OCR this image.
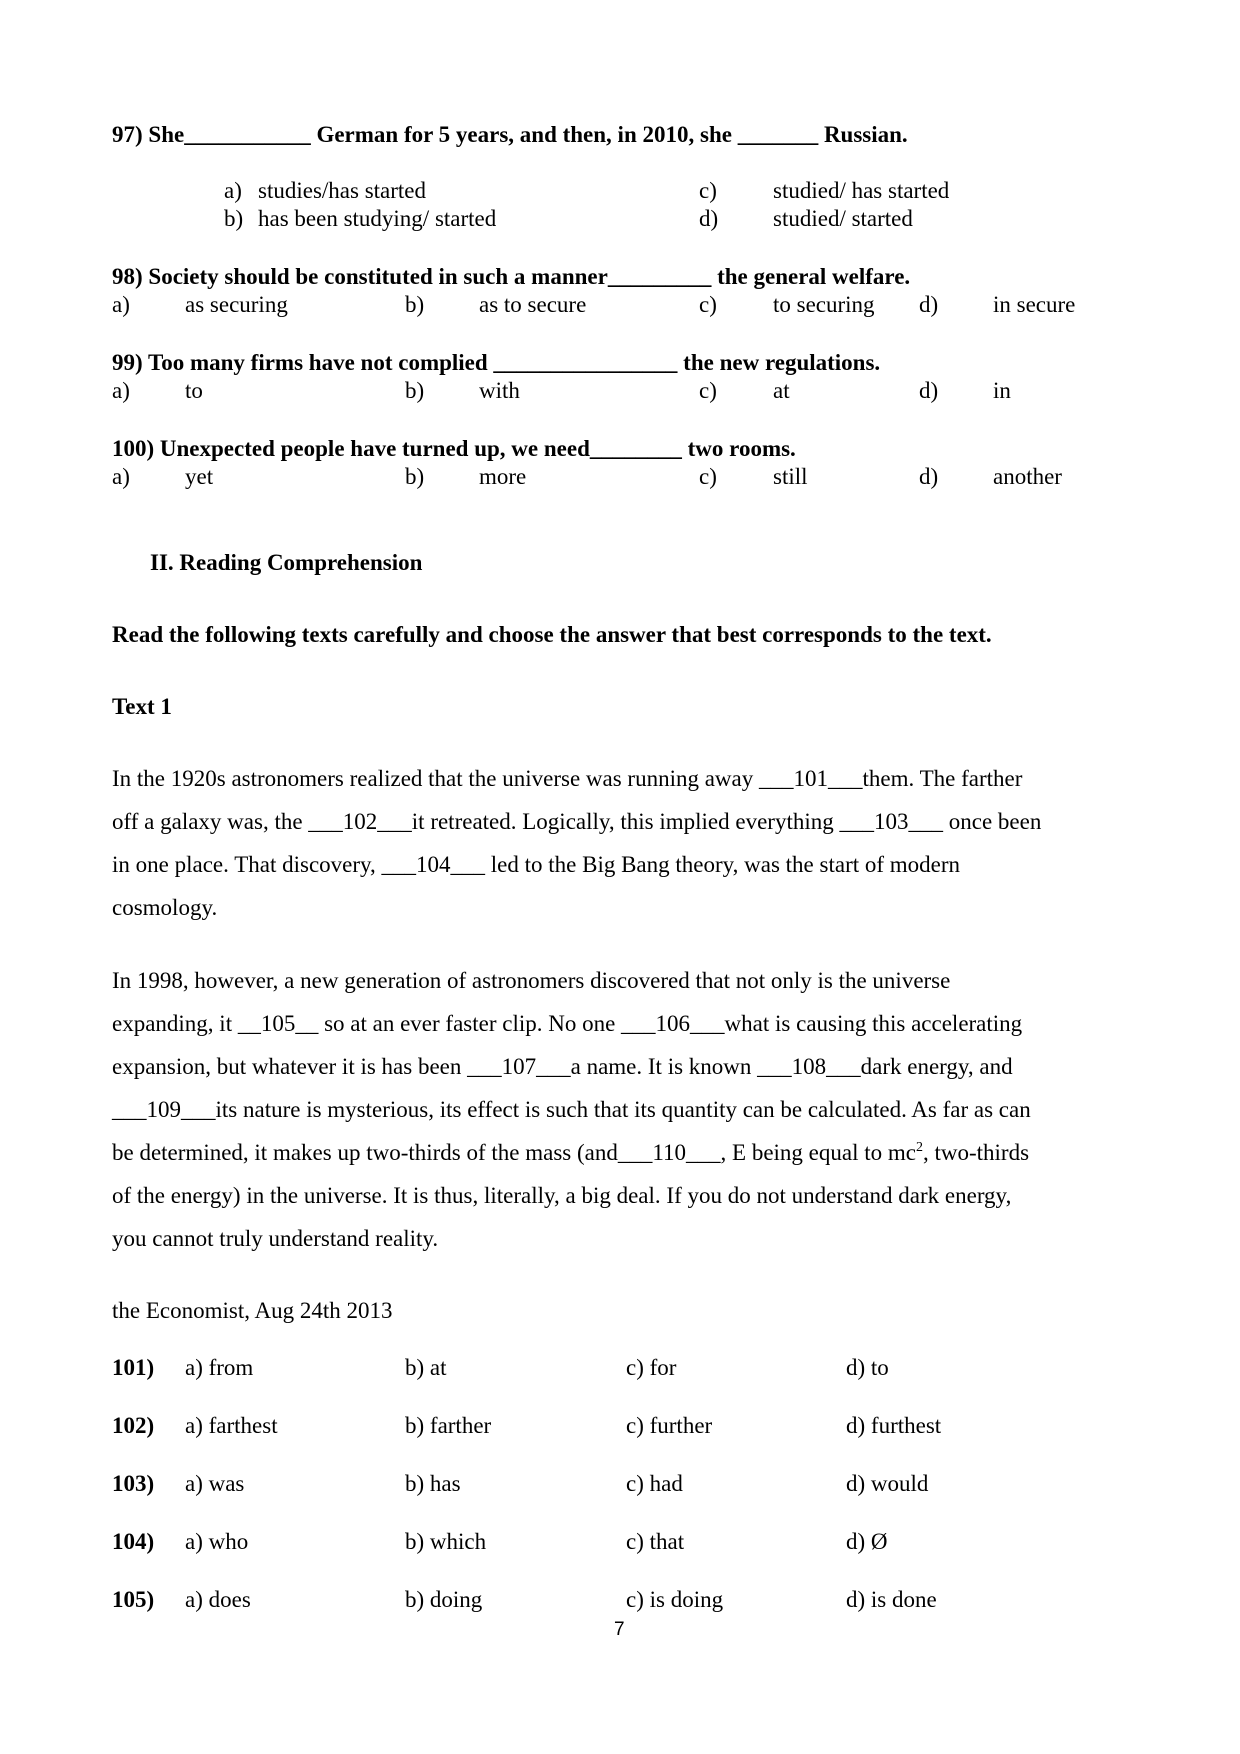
97) She___________ German for 5 years, and then, in 2010, she _______ Russian.
a) studies/has started
b) has been studying/ started
c) studied/ has started
d) studied/ started
98) Society should be constituted in such a manner_________ the general welfare.
a) as securing	b) as to secure	c) to securing d) in secure
99) Too many firms have not complied ________________ the new regulations.
a) to	b) with	c) at	d) in
100) Unexpected people have turned up, we need________ two rooms.
a) yet	b) more	c) still	d) another
II. Reading Comprehension
Read the following texts carefully and choose the answer that best corresponds to the text.
Text 1
In the 1920s astronomers realized that the universe was running away ___101___them. The farther
off a galaxy was, the ___102___it retreated. Logically, this implied everything ___103___ once been
in one place. That discovery, ___104___ led to the Big Bang theory, was the start of modern
cosmology.
In 1998, however, a new generation of astronomers discovered that not only is the universe
expanding, it __105__ so at an ever faster clip. No one ___106___what is causing this accelerating
expansion, but whatever it is has been ___107___a name. It is known ___108___dark energy, and
___109___its nature is mysterious, its effect is such that its quantity can be calculated. As far as can
be determined, it makes up two-thirds of the mass (and___110___, E being equal to $mc^2$, two-thirds
of the energy) in the universe. It is thus, literally, a big deal. If you do not understand dark energy,
you cannot truly understand reality.
the Economist, Aug 24th 2013
101) a) from	b) at	c) for	d) to
102) a) farthest	b) farther	c) further	d) furthest
103) a) was	b) has	c) had	d) would
104) a) who	b) which	c) that	d) Ø
105) a) does	b) doing	c) is doing	d) is done
7
